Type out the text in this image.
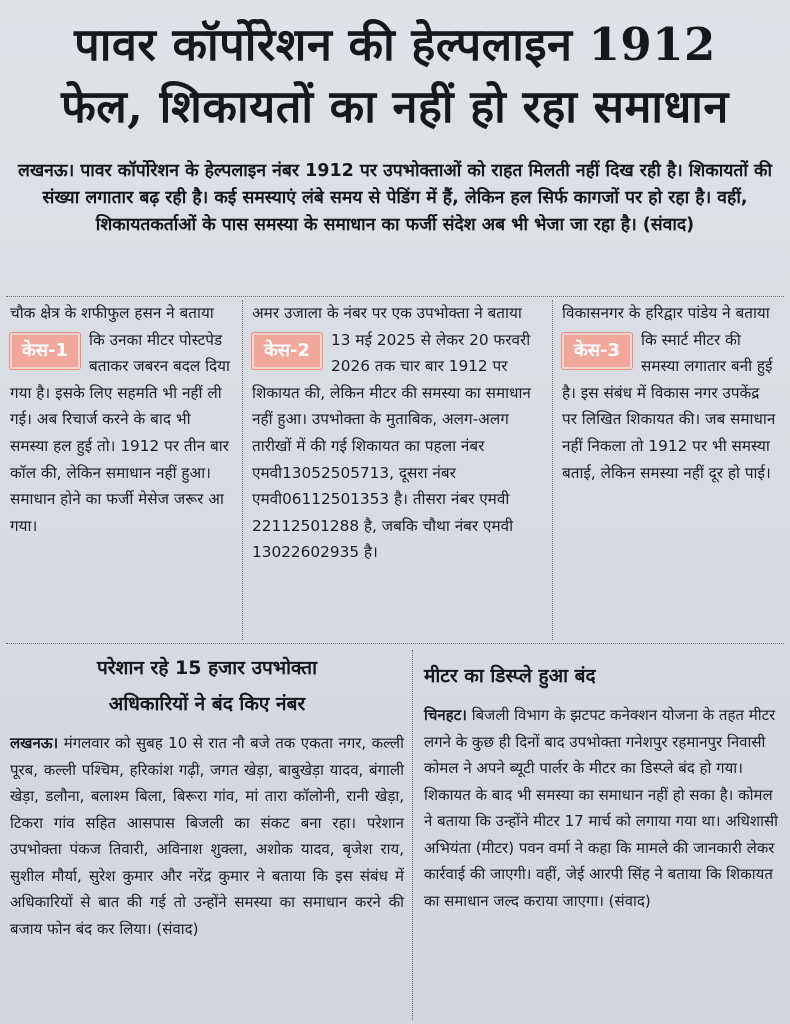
पावर कॉर्पोरेशन की हेल्पलाइन 1912
फेल, शिकायतों का नहीं हो रहा समाधान
लखनऊ। पावर कॉर्पोरेशन के हेल्पलाइन नंबर 1912 पर उपभोक्ताओं को राहत मिलती नहीं दिख रही है। शिकायतों की संख्या लगातार बढ़ रही है। कई समस्याएं लंबे समय से पेडिंग में हैं, लेकिन हल सिर्फ कागजों पर हो रहा है। वहीं, शिकायतकर्ताओं के पास समस्या के समाधान का फर्जी संदेश अब भी भेजा जा रहा है। (संवाद)
चौक क्षेत्र के शफीफुल हसन ने बताया कि उनका मीटर
केस-1	पोस्टपेड बताकर जबरन बदल दिया गया है। इसके लिए सहमति भी नहीं ली गई। अब रिचार्ज करने के बाद भी समस्या हल हुई तो। 1912 पर तीन बार कॉल की, लेकिन समाधान नहीं हुआ। समाधान होने का फर्जी मेसेज जरूर आ गया।
अमर उजाला के नंबर पर एक उपभोक्ता ने बताया 13 मई 2025 से
केस-2	लेकर 20 फरवरी 2026 तक चार बार 1912 पर शिकायत की, लेकिन मीटर की समस्या का समाधान नहीं हुआ। उपभोक्ता के मुताबिक, अलग-अलग तारीखों में की गई शिकायत का पहला नंबर एमवी13052505713, दूसरा नंबर एमवी06112501353 है। तीसरा नंबर एमवी 22112501288 है, जबकि चौथा नंबर एमवी 13022602935 है।
विकासनगर के हरिद्वार पांडेय ने बताया कि स्मार्ट
केस-3	मीटर की समस्या लगातार बनी हुई है। इस संबंध में विकास नगर उपकेंद्र पर लिखित शिकायत की। जब समाधान नहीं निकला तो 1912 पर भी समस्या बताई, लेकिन समस्या नहीं दूर हो पाई।
परेशान रहे 15 हजार उपभोक्ता
अधिकारियों ने बंद किए नंबर
लखनऊ। मंगलवार को सुबह 10 से रात नौ बजे तक एकता नगर, कल्ली पूरब, कल्ली पश्चिम, हरिकांश गढ़ी, जगत खेड़ा, बाबुखेड़ा यादव, बंगाली खेड़ा, डलौना, बलाश्म बिला, बिरूरा गांव, मां तारा कॉलोनी, रानी खेड़ा, टिकरा गांव सहित आसपास बिजली का संकट बना रहा। परेशान उपभोक्ता पंकज तिवारी, अविनाश शुक्ला, अशोक यादव, बृजेश राय, सुशील मौर्या, सुरेश कुमार और नरेंद्र कुमार ने बताया कि इस संबंध में अधिकारियों से बात की गई तो उन्होंने समस्या का समाधान करने की बजाय फोन बंद कर लिया। (संवाद)
मीटर का डिस्प्ले हुआ बंद
चिनहट। बिजली विभाग के झटपट कनेक्शन योजना के तहत मीटर लगने के कुछ ही दिनों बाद उपभोक्ता गनेशपुर रहमानपुर निवासी कोमल ने अपने ब्यूटी पार्लर के मीटर का डिस्प्ले बंद हो गया। शिकायत के बाद भी समस्या का समाधान नहीं हो सका है। कोमल ने बताया कि उन्होंने मीटर 17 मार्च को लगाया गया था। अधिशासी अभियंता (मीटर) पवन वर्मा ने कहा कि मामले की जानकारी लेकर कार्रवाई की जाएगी। वहीं, जेई आरपी सिंह ने बताया कि शिकायत का समाधान जल्द कराया जाएगा। (संवाद)
